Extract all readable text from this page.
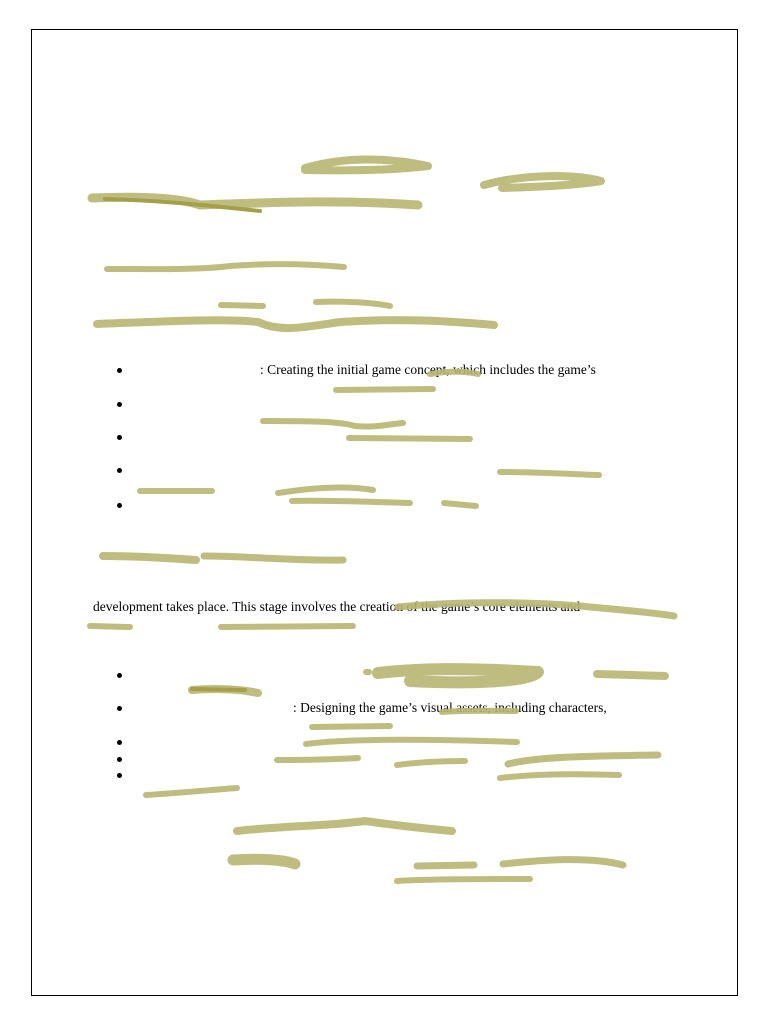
: Creating the initial game concept, which includes the game’s
development takes place. This stage involves the creation of the game’s core elements and
: Designing the game’s visual assets, including characters,
